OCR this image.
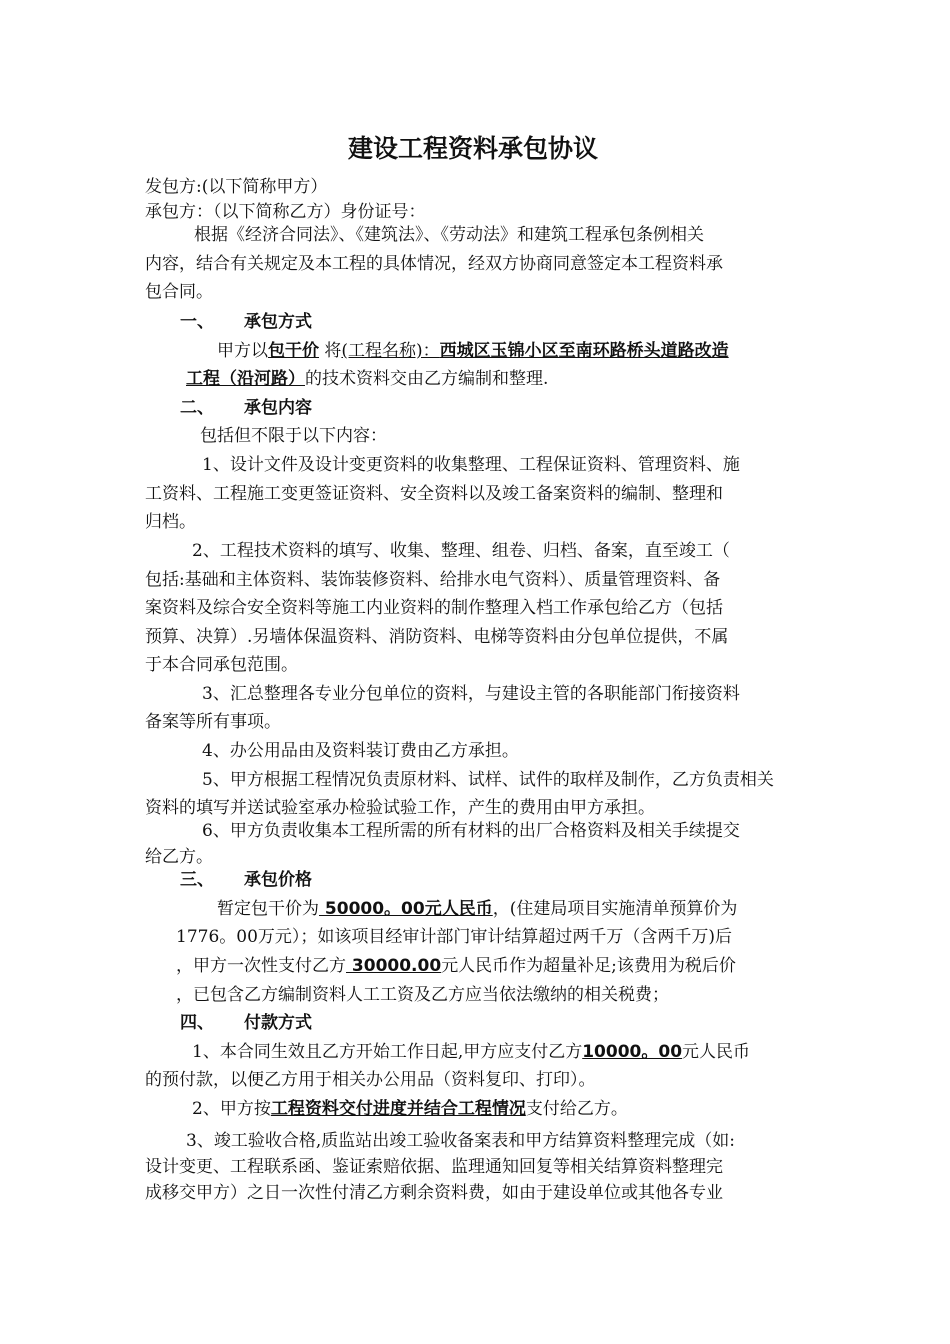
建设工程资料承包协议
发包方:(以下简称甲方）
承包方：（以下简称乙方）身份证号：
根据《经济合同法》、《建筑法》、《劳动法》和建筑工程承包条例相关
内容，结合有关规定及本工程的具体情况，经双方协商同意签定本工程资料承
包合同。
一、 承包方式
甲方以包干价 将(工程名称)：西城区玉锦小区至南环路桥头道路改造
工程（沿河路）的技术资料交由乙方编制和整理.
二、 承包内容
包括但不限于以下内容：
1、设计文件及设计变更资料的收集整理、工程保证资料、管理资料、施
工资料、工程施工变更签证资料、安全资料以及竣工备案资料的编制、整理和
归档。
2、工程技术资料的填写、收集、整理、组卷、归档、备案，直至竣工（
包括:基础和主体资料、装饰装修资料、给排水电气资料）、质量管理资料、备
案资料及综合安全资料等施工内业资料的制作整理入档工作承包给乙方（包括
预算、决算）.另墙体保温资料、消防资料、电梯等资料由分包单位提供，不属
于本合同承包范围。
3、汇总整理各专业分包单位的资料，与建设主管的各职能部门衔接资料
备案等所有事项。
4、办公用品由及资料装订费由乙方承担。
5、甲方根据工程情况负责原材料、试样、试件的取样及制作，乙方负责相关
资料的填写并送试验室承办检验试验工作，产生的费用由甲方承担。
6、甲方负责收集本工程所需的所有材料的出厂合格资料及相关手续提交
给乙方。
三、 承包价格
暂定包干价为 50000。00元人民币，(住建局项目实施清单预算价为
1776。00万元）；如该项目经审计部门审计结算超过两千万（含两千万)后
，甲方一次性支付乙方 30000.00元人民币作为超量补足;该费用为税后价
，已包含乙方编制资料人工工资及乙方应当依法缴纳的相关税费；
四、 付款方式
1、本合同生效且乙方开始工作日起,甲方应支付乙方10000。00元人民币
的预付款，以便乙方用于相关办公用品（资料复印、打印）。
2、甲方按工程资料交付进度并结合工程情况支付给乙方。
3、竣工验收合格,质监站出竣工验收备案表和甲方结算资料整理完成（如:
设计变更、工程联系函、鉴证索赔依据、监理通知回复等相关结算资料整理完
成移交甲方）之日一次性付清乙方剩余资料费，如由于建设单位或其他各专业
